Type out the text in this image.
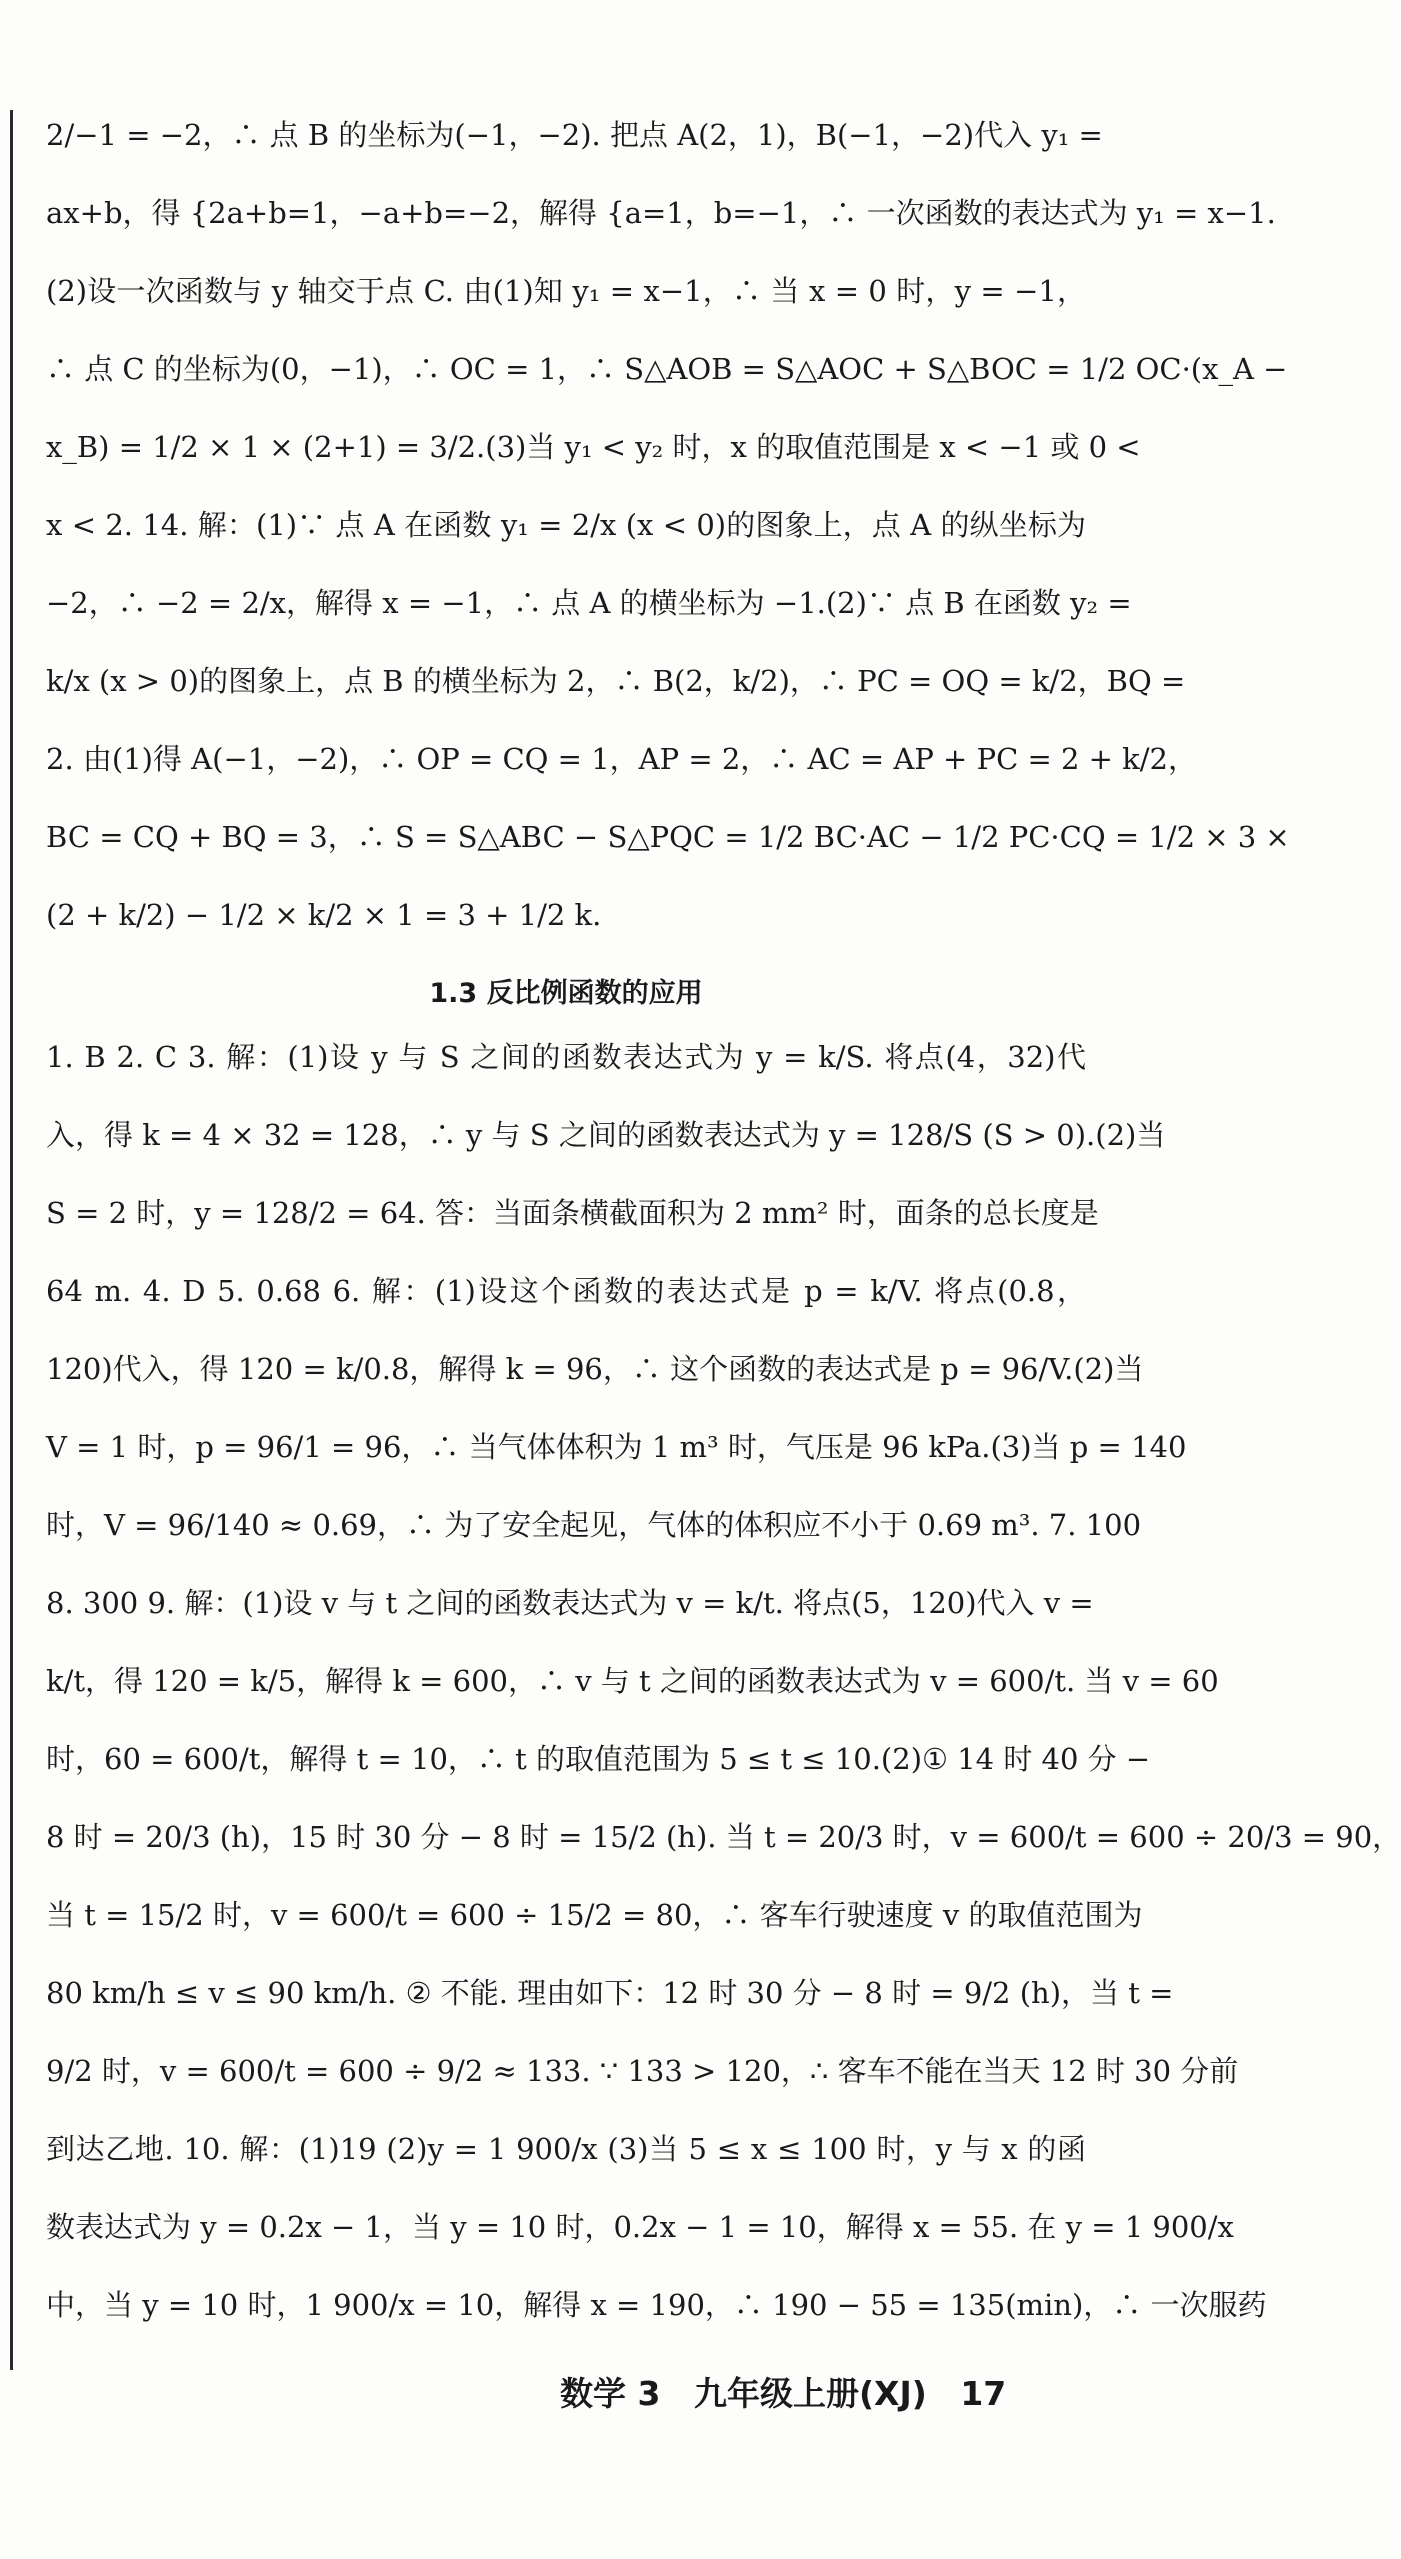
2/−1 = −2，∴ 点 B 的坐标为(−1，−2). 把点 A(2，1)，B(−1，−2)代入 y₁ =
ax+b，得 {2a+b=1，−a+b=−2，解得 {a=1，b=−1，∴ 一次函数的表达式为 y₁ = x−1.
(2)设一次函数与 y 轴交于点 C. 由(1)知 y₁ = x−1，∴ 当 x = 0 时，y = −1，
∴ 点 C 的坐标为(0，−1)，∴ OC = 1，∴ S△AOB = S△AOC + S△BOC = 1/2 OC·(x_A −
x_B) = 1/2 × 1 × (2+1) = 3/2.(3)当 y₁ < y₂ 时，x 的取值范围是 x < −1 或 0 <
x < 2. 14. 解：(1)∵ 点 A 在函数 y₁ = 2/x (x < 0)的图象上，点 A 的纵坐标为
−2，∴ −2 = 2/x，解得 x = −1，∴ 点 A 的横坐标为 −1.(2)∵ 点 B 在函数 y₂ =
k/x (x > 0)的图象上，点 B 的横坐标为 2，∴ B(2，k/2)，∴ PC = OQ = k/2，BQ =
2. 由(1)得 A(−1，−2)，∴ OP = CQ = 1，AP = 2，∴ AC = AP + PC = 2 + k/2，
BC = CQ + BQ = 3，∴ S = S△ABC − S△PQC = 1/2 BC·AC − 1/2 PC·CQ = 1/2 × 3 ×
(2 + k/2) − 1/2 × k/2 × 1 = 3 + 1/2 k.
1.3 反比例函数的应用
1. B 2. C 3. 解：(1)设 y 与 S 之间的函数表达式为 y = k/S. 将点(4，32)代
入，得 k = 4 × 32 = 128，∴ y 与 S 之间的函数表达式为 y = 128/S (S > 0).(2)当
S = 2 时，y = 128/2 = 64. 答：当面条横截面积为 2 mm² 时，面条的总长度是
64 m. 4. D 5. 0.68 6. 解：(1)设这个函数的表达式是 p = k/V. 将点(0.8，
120)代入，得 120 = k/0.8，解得 k = 96，∴ 这个函数的表达式是 p = 96/V.(2)当
V = 1 时，p = 96/1 = 96，∴ 当气体体积为 1 m³ 时，气压是 96 kPa.(3)当 p = 140
时，V = 96/140 ≈ 0.69，∴ 为了安全起见，气体的体积应不小于 0.69 m³. 7. 100
8. 300 9. 解：(1)设 v 与 t 之间的函数表达式为 v = k/t. 将点(5，120)代入 v =
k/t，得 120 = k/5，解得 k = 600，∴ v 与 t 之间的函数表达式为 v = 600/t. 当 v = 60
时，60 = 600/t，解得 t = 10，∴ t 的取值范围为 5 ≤ t ≤ 10.(2)① 14 时 40 分 −
8 时 = 20/3 (h)，15 时 30 分 − 8 时 = 15/2 (h). 当 t = 20/3 时，v = 600/t = 600 ÷ 20/3 = 90，
当 t = 15/2 时，v = 600/t = 600 ÷ 15/2 = 80，∴ 客车行驶速度 v 的取值范围为
80 km/h ≤ v ≤ 90 km/h. ② 不能. 理由如下：12 时 30 分 − 8 时 = 9/2 (h)，当 t =
9/2 时，v = 600/t = 600 ÷ 9/2 ≈ 133. ∵ 133 > 120，∴ 客车不能在当天 12 时 30 分前
到达乙地. 10. 解：(1)19 (2)y = 1 900/x (3)当 5 ≤ x ≤ 100 时，y 与 x 的函
数表达式为 y = 0.2x − 1，当 y = 10 时，0.2x − 1 = 10，解得 x = 55. 在 y = 1 900/x
中，当 y = 10 时，1 900/x = 10，解得 x = 190，∴ 190 − 55 = 135(min)，∴ 一次服药
数学 3 九年级上册(XJ) 17
